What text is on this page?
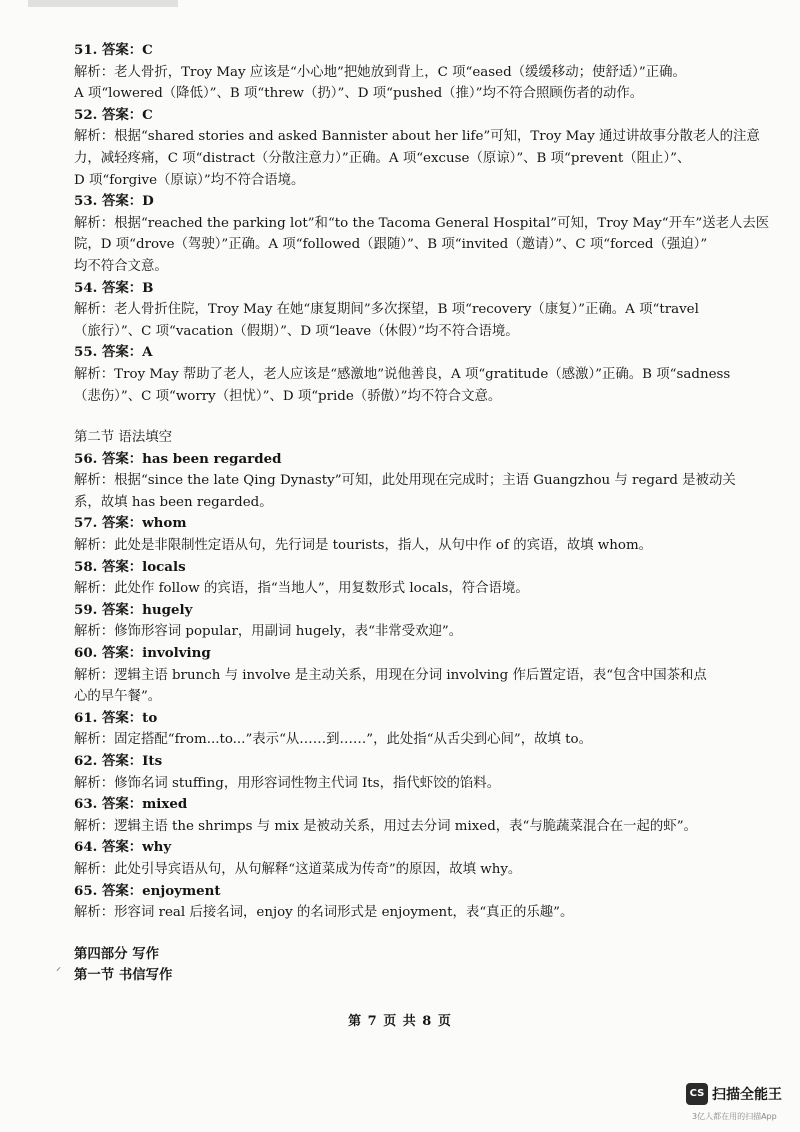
51. 答案：C
解析：老人骨折，Troy May 应该是“小心地”把她放到背上，C 项“eased（缓缓移动；使舒适）”正确。
A 项“lowered（降低）”、B 项“threw（扔）”、D 项“pushed（推）”均不符合照顾伤者的动作。
52. 答案：C
解析：根据“shared stories and asked Bannister about her life”可知，Troy May 通过讲故事分散老人的注意
力，减轻疼痛，C 项“distract（分散注意力）”正确。A 项“excuse（原谅）”、B 项“prevent（阻止）”、
D 项“forgive（原谅）”均不符合语境。
53. 答案：D
解析：根据“reached the parking lot”和“to the Tacoma General Hospital”可知，Troy May“开车”送老人去医
院，D 项“drove（驾驶）”正确。A 项“followed（跟随）”、B 项“invited（邀请）”、C 项“forced（强迫）”
均不符合文意。
54. 答案：B
解析：老人骨折住院，Troy May 在她“康复期间”多次探望，B 项“recovery（康复）”正确。A 项“travel
（旅行）”、C 项“vacation（假期）”、D 项“leave（休假）”均不符合语境。
55. 答案：A
解析：Troy May 帮助了老人，老人应该是“感激地”说他善良，A 项“gratitude（感激）”正确。B 项“sadness
（悲伤）”、C 项“worry（担忧）”、D 项“pride（骄傲）”均不符合文意。
第二节 语法填空
56. 答案：has been regarded
解析：根据“since the late Qing Dynasty”可知，此处用现在完成时；主语 Guangzhou 与 regard 是被动关
系，故填 has been regarded。
57. 答案：whom
解析：此处是非限制性定语从句，先行词是 tourists，指人，从句中作 of 的宾语，故填 whom。
58. 答案：locals
解析：此处作 follow 的宾语，指“当地人”，用复数形式 locals，符合语境。
59. 答案：hugely
解析：修饰形容词 popular，用副词 hugely，表“非常受欢迎”。
60. 答案：involving
解析：逻辑主语 brunch 与 involve 是主动关系，用现在分词 involving 作后置定语，表“包含中国茶和点
心的早午餐”。
61. 答案：to
解析：固定搭配“from...to...”表示“从……到……”，此处指“从舌尖到心间”，故填 to。
62. 答案：Its
解析：修饰名词 stuffing，用形容词性物主代词 Its，指代虾饺的馅料。
63. 答案：mixed
解析：逻辑主语 the shrimps 与 mix 是被动关系，用过去分词 mixed，表“与脆蔬菜混合在一起的虾”。
64. 答案：why
解析：此处引导宾语从句，从句解释“这道菜成为传奇”的原因，故填 why。
65. 答案：enjoyment
解析：形容词 real 后接名词，enjoy 的名词形式是 enjoyment，表“真正的乐趣”。
第四部分 写作
第一节 书信写作
⸝
第 7 页 共 8 页
CS 扫描全能王
3亿人都在用的扫描App
